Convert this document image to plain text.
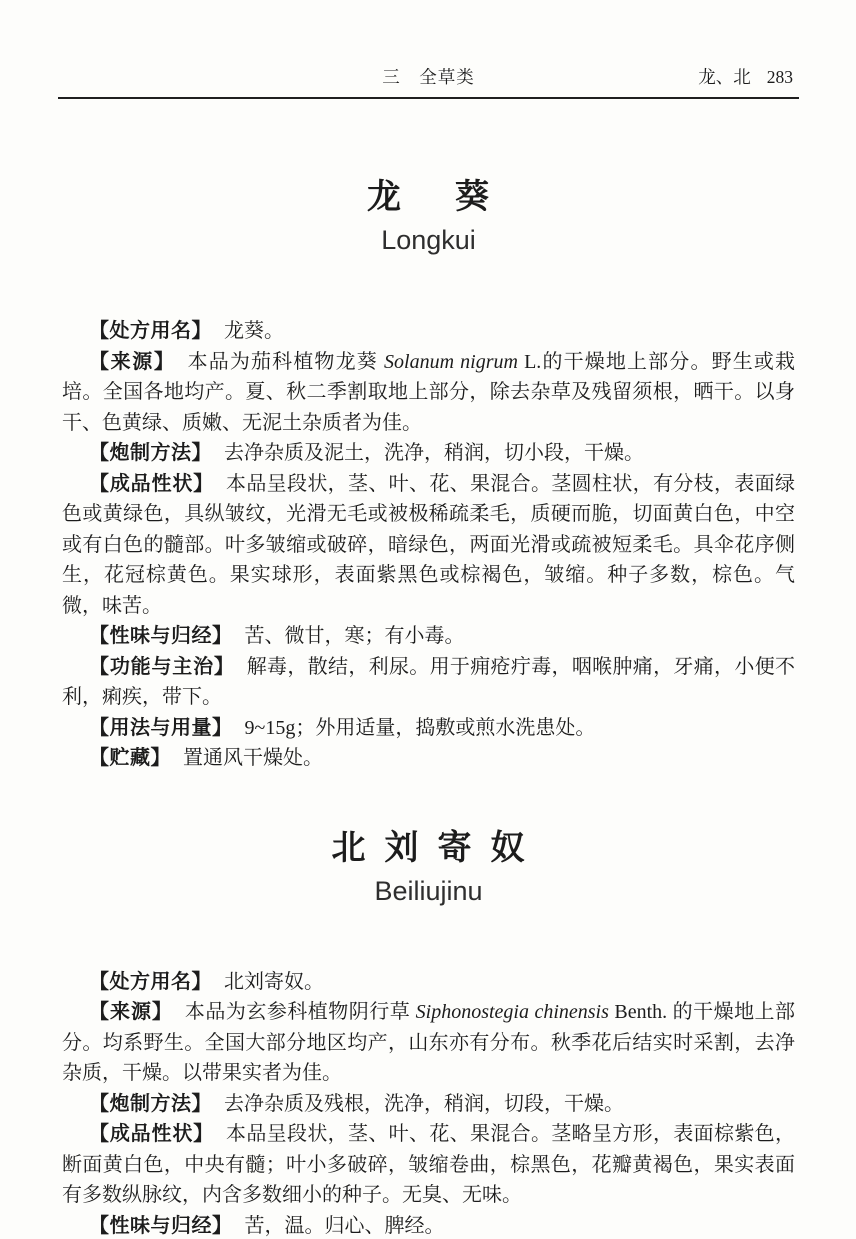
三　全草类	龙、北 283
龙  葵
Longkui

【处方用名】 龙葵。

【来源】 本品为茄科植物龙葵 Solanum nigrum L.的干燥地上部分。野生或栽培。全国各地均产。夏、秋二季割取地上部分，除去杂草及残留须根，晒干。以身干、色黄绿、质嫩、无泥土杂质者为佳。

【炮制方法】 去净杂质及泥土，洗净，稍润，切小段，干燥。

【成品性状】 本品呈段状，茎、叶、花、果混合。茎圆柱状，有分枝，表面绿色或黄绿色，具纵皱纹，光滑无毛或被极稀疏柔毛，质硬而脆，切面黄白色，中空或有白色的髓部。叶多皱缩或破碎，暗绿色，两面光滑或疏被短柔毛。具伞花序侧生，花冠棕黄色。果实球形，表面紫黑色或棕褐色，皱缩。种子多数，棕色。气微，味苦。

【性味与归经】 苦、微甘，寒；有小毒。

【功能与主治】 解毒，散结，利尿。用于痈疮疔毒，咽喉肿痛，牙痛，小便不利，痢疾，带下。

【用法与用量】 9~15g；外用适量，捣敷或煎水洗患处。

【贮藏】 置通风干燥处。

北 刘 寄 奴
Beiliujinu

【处方用名】 北刘寄奴。

【来源】 本品为玄参科植物阴行草 Siphonostegia chinensis Benth. 的干燥地上部分。均系野生。全国大部分地区均产，山东亦有分布。秋季花后结实时采割，去净杂质，干燥。以带果实者为佳。

【炮制方法】 去净杂质及残根，洗净，稍润，切段，干燥。

【成品性状】 本品呈段状，茎、叶、花、果混合。茎略呈方形，表面棕紫色，断面黄白色，中央有髓；叶小多破碎，皱缩卷曲，棕黑色，花瓣黄褐色，果实表面有多数纵脉纹，内含多数细小的种子。无臭、无味。

【性味与归经】 苦，温。归心、脾经。
